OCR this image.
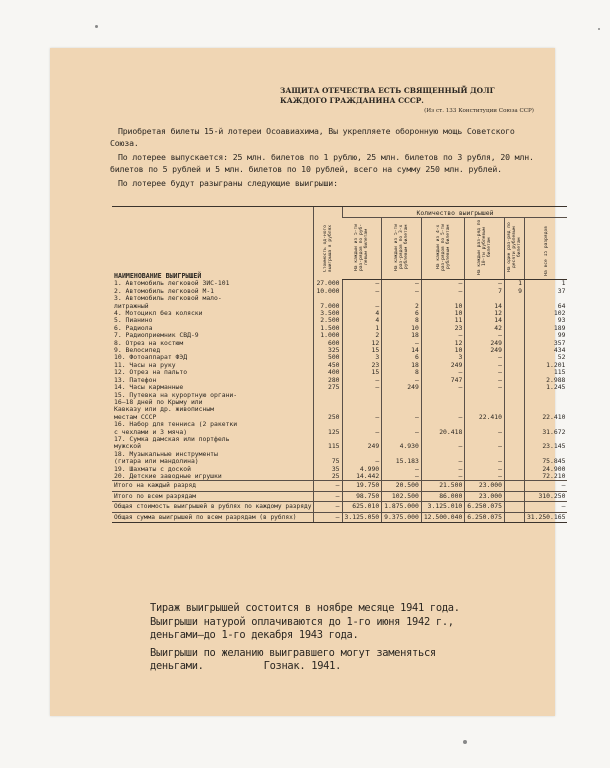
ЗАЩИТА ОТЕЧЕСТВА ЕСТЬ СВЯЩЕННЫЙ ДОЛГ
КАЖДОГО ГРАЖДАНИНА СССР.
(Из ст. 133 Конституции Союза ССР)

Приобретая билеты 15-й лотереи Осоавиахима, Вы укрепляете оборонную мощь Советского Союза.

По лотерее выпускается: 25 млн. билетов по 1 рублю, 25 млн. билетов по 3 рубля, 20 млн. билетов по 5 рублей и 5 млн. билетов по 10 рублей, всего на сумму 250 млн. рублей.

По лотерее будут разыграны следующие выигрыши:

НАИМЕНОВАНИЕ ВЫИГРЫШЕЙ	Стоимость од-ного выигрыша в рублях	Количество выигрышей					
		На каждый из 5-ти раз-рядов по руб-левым билетам	На каждый из 5-ти раз-рядов по 3-х рублевым билетам	На каждый из 4-х раз-рядов по 5-ти рублевым билетам	На каждый раз-ряд по 10-ти рублевым билетам	На один раз-ряд по десяти рублевым билетам	На все 15 разрядов
1. Автомобиль легковой ЗИС-101	27.000	—	—	—	—	1	1
2. Автомобиль легковой М-1	10.000	—	—	—	7	9	37
3. Автомобиль легковой мало-							
литражный	7.000	—	2	10	14		64
4. Мотоцикл без коляски	3.500	4	6	10	12		102
5. Пианино	2.500	4	8	11	14		93
6. Радиола	1.500	1	10	23	42		189
7. Радиоприемник СВД-9	1.000	2	18	—	—		99
8. Отрез на костюм	600	12	—	12	249		357
9. Велосипед	325	15	14	10	249		434
10. Фотоаппарат ФЭД	500	3	6	3	—		52
11. Часы на руку	450	23	18	249	—		1.201
12. Отрез на пальто	400	15	8	—	—		115
13. Патефон	280	—	—	747	—		2.988
14. Часы карманные	275	—	249	—	—		1.245
15. Путевка на курортную органи-							
16—18 дней по Крыму или							
Кавказу или др. живописным							
местам СССР	250	—	—	—	22.410		22.410
16. Набор для тенниса (2 ракетки							
с чехлами и 3 мяча)	125	—	—	20.418	—		31.672
17. Сумка дамская или портфель							
мужской	115	249	4.930	—	—		23.145
18. Музыкальные инструменты							
(гитара или мандолина)	75	—	15.183	—	—		75.845
19. Шахматы с доской	35	4.990	—	—	—		24.900
20. Детские заводные игрушки	25	14.442	—	—	—		72.210
Итого на каждый разряд	—	19.750	20.500	21.500	23.000		—
Итого по всем разрядам	—	98.750	102.500	86.000	23.000		310.250
Общая стоимость выигрышей в рублях по каждому разряду	—	625.010	1.875.000	3.125.010	6.250.075		—
Общая сумма выигрышей по всем разрядам (в рублях)	—	3.125.050	9.375.000	12.500.040	6.250.075		31.250.165

Тираж выигрышей состоится в ноябре месяце 1941 года.

Выигрыши натурой оплачиваются до 1-го июня 1942 г.,

деньгами—до 1-го декабря 1943 года.

Выигрыши по желанию выигравшего могут заменяться

деньгами.	Гознак. 1941.
